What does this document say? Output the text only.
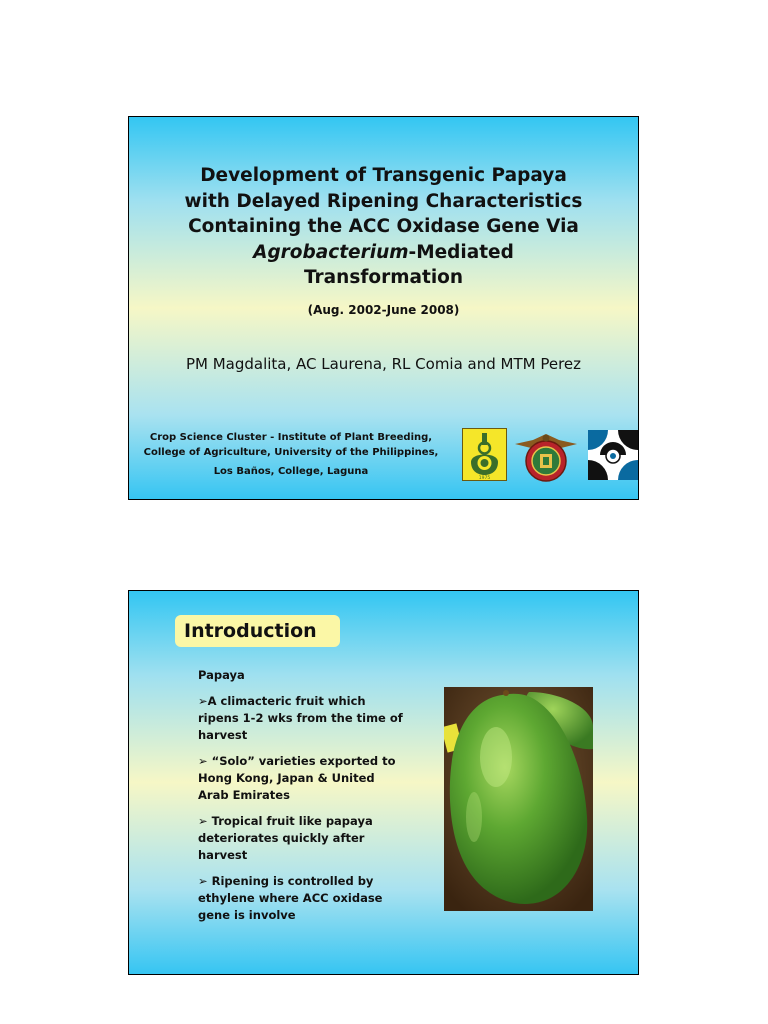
Development of Transgenic Papaya
with Delayed Ripening Characteristics
Containing the ACC Oxidase Gene Via
Agrobacterium-Mediated
Transformation
(Aug. 2002-June 2008)
PM Magdalita, AC Laurena, RL Comia and MTM Perez
Crop Science Cluster - Institute of Plant Breeding,
College of Agriculture, University of the Philippines,
Los Baños, College, Laguna
1975
Introduction
Papaya
➢A climacteric fruit which
ripens 1-2 wks from the time of
harvest
➢ “Solo” varieties exported to
Hong Kong, Japan & United
Arab Emirates
➢ Tropical fruit like papaya
deteriorates quickly after
harvest
➢ Ripening is controlled by
ethylene where ACC oxidase
gene is involve
